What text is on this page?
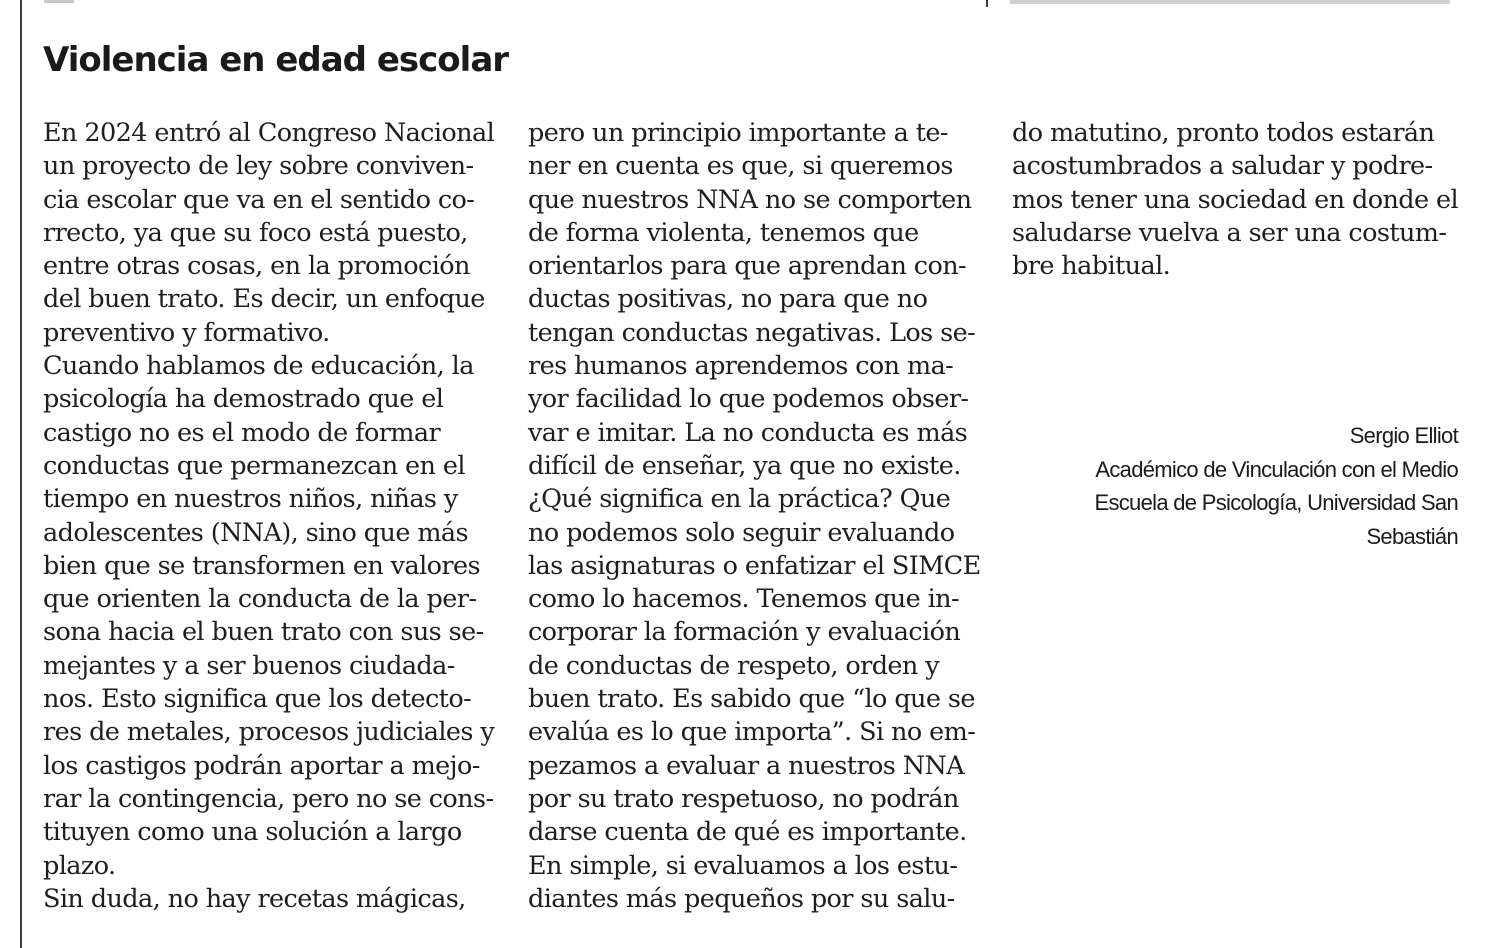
Violencia en edad escolar
En 2024 entró al Congreso Nacional
un proyecto de ley sobre conviven-
cia escolar que va en el sentido co-
rrecto, ya que su foco está puesto,
entre otras cosas, en la promoción
del buen trato. Es decir, un enfoque
preventivo y formativo.
Cuando hablamos de educación, la
psicología ha demostrado que el
castigo no es el modo de formar
conductas que permanezcan en el
tiempo en nuestros niños, niñas y
adolescentes (NNA), sino que más
bien que se transformen en valores
que orienten la conducta de la per-
sona hacia el buen trato con sus se-
mejantes y a ser buenos ciudada-
nos. Esto significa que los detecto-
res de metales, procesos judiciales y
los castigos podrán aportar a mejo-
rar la contingencia, pero no se cons-
tituyen como una solución a largo
plazo.
Sin duda, no hay recetas mágicas,
pero un principio importante a te-
ner en cuenta es que, si queremos
que nuestros NNA no se comporten
de forma violenta, tenemos que
orientarlos para que aprendan con-
ductas positivas, no para que no
tengan conductas negativas. Los se-
res humanos aprendemos con ma-
yor facilidad lo que podemos obser-
var e imitar. La no conducta es más
difícil de enseñar, ya que no existe.
¿Qué significa en la práctica? Que
no podemos solo seguir evaluando
las asignaturas o enfatizar el SIMCE
como lo hacemos. Tenemos que in-
corporar la formación y evaluación
de conductas de respeto, orden y
buen trato. Es sabido que “lo que se
evalúa es lo que importa”. Si no em-
pezamos a evaluar a nuestros NNA
por su trato respetuoso, no podrán
darse cuenta de qué es importante.
En simple, si evaluamos a los estu-
diantes más pequeños por su salu-
do matutino, pronto todos estarán
acostumbrados a saludar y podre-
mos tener una sociedad en donde el
saludarse vuelva a ser una costum-
bre habitual.
Sergio Elliot
Académico de Vinculación con el Medio
Escuela de Psicología, Universidad San
Sebastián
